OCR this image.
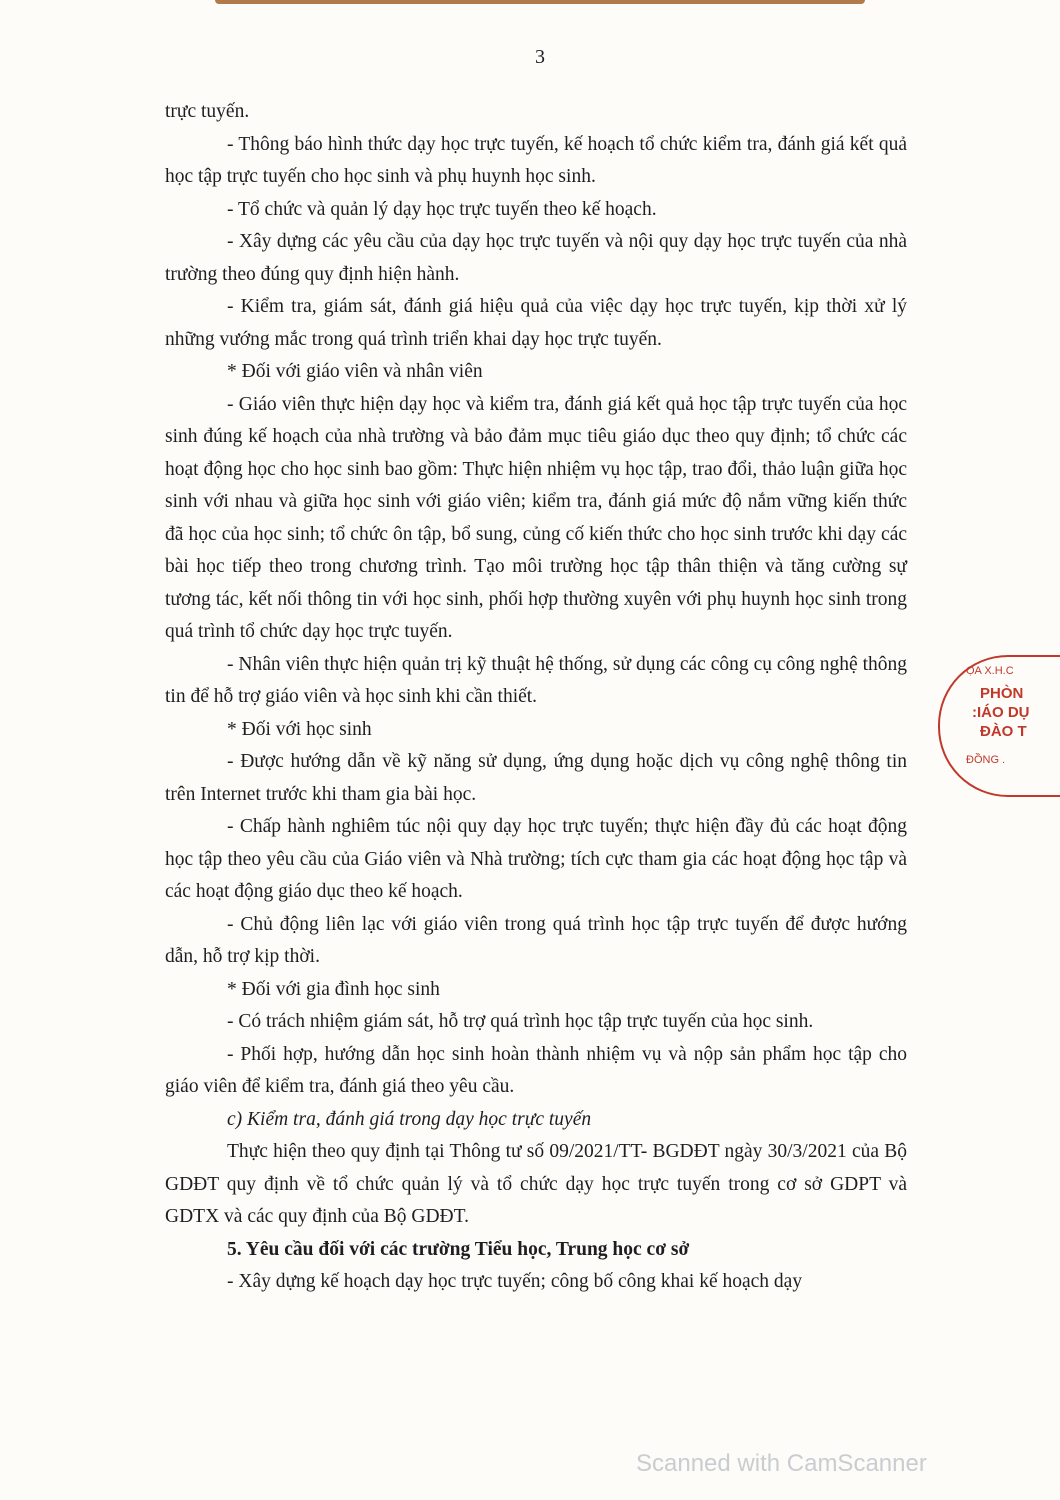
3

trực tuyến.

- Thông báo hình thức dạy học trực tuyến, kế hoạch tổ chức kiểm tra, đánh giá kết quả học tập trực tuyến cho học sinh và phụ huynh học sinh.

- Tổ chức và quản lý dạy học trực tuyến theo kế hoạch.

- Xây dựng các yêu cầu của dạy học trực tuyến và nội quy dạy học trực tuyến của nhà trường theo đúng quy định hiện hành.

- Kiểm tra, giám sát, đánh giá hiệu quả của việc dạy học trực tuyến, kịp thời xử lý những vướng mắc trong quá trình triển khai dạy học trực tuyến.

* Đối với giáo viên và nhân viên

- Giáo viên thực hiện dạy học và kiểm tra, đánh giá kết quả học tập trực tuyến của học sinh đúng kế hoạch của nhà trường và bảo đảm mục tiêu giáo dục theo quy định; tổ chức các hoạt động học cho học sinh bao gồm: Thực hiện nhiệm vụ học tập, trao đổi, thảo luận giữa học sinh với nhau và giữa học sinh với giáo viên; kiểm tra, đánh giá mức độ nắm vững kiến thức đã học của học sinh; tổ chức ôn tập, bổ sung, củng cố kiến thức cho học sinh trước khi dạy các bài học tiếp theo trong chương trình. Tạo môi trường học tập thân thiện và tăng cường sự tương tác, kết nối thông tin với học sinh, phối hợp thường xuyên với phụ huynh học sinh trong quá trình tổ chức dạy học trực tuyến.

- Nhân viên thực hiện quản trị kỹ thuật hệ thống, sử dụng các công cụ công nghệ thông tin để hỗ trợ giáo viên và học sinh khi cần thiết.

* Đối với học sinh

- Được hướng dẫn về kỹ năng sử dụng, ứng dụng hoặc dịch vụ công nghệ thông tin trên Internet trước khi tham gia bài học.

- Chấp hành nghiêm túc nội quy dạy học trực tuyến; thực hiện đầy đủ các hoạt động học tập theo yêu cầu của Giáo viên và Nhà trường; tích cực tham gia các hoạt động học tập và các hoạt động giáo dục theo kế hoạch.

- Chủ động liên lạc với giáo viên trong quá trình học tập trực tuyến để được hướng dẫn, hỗ trợ kịp thời.

* Đối với gia đình học sinh

- Có trách nhiệm giám sát, hỗ trợ quá trình học tập trực tuyến của học sinh.

- Phối hợp, hướng dẫn học sinh hoàn thành nhiệm vụ và nộp sản phẩm học tập cho giáo viên để kiểm tra, đánh giá theo yêu cầu.

c) Kiểm tra, đánh giá trong dạy học trực tuyến

Thực hiện theo quy định tại Thông tư số 09/2021/TT- BGDĐT ngày 30/3/2021 của Bộ GDĐT quy định về tổ chức quản lý và tổ chức dạy học trực tuyến trong cơ sở GDPT và GDTX và các quy định của Bộ GDĐT.

5. Yêu cầu đối với các trường Tiểu học, Trung học cơ sở

- Xây dựng kế hoạch dạy học trực tuyến; công bố công khai kế hoạch dạy

ỌA X.H.C
PHÒN
:IÁO DỤ
ĐÀO T
ĐỒNG .
Scanned with CamScanner
